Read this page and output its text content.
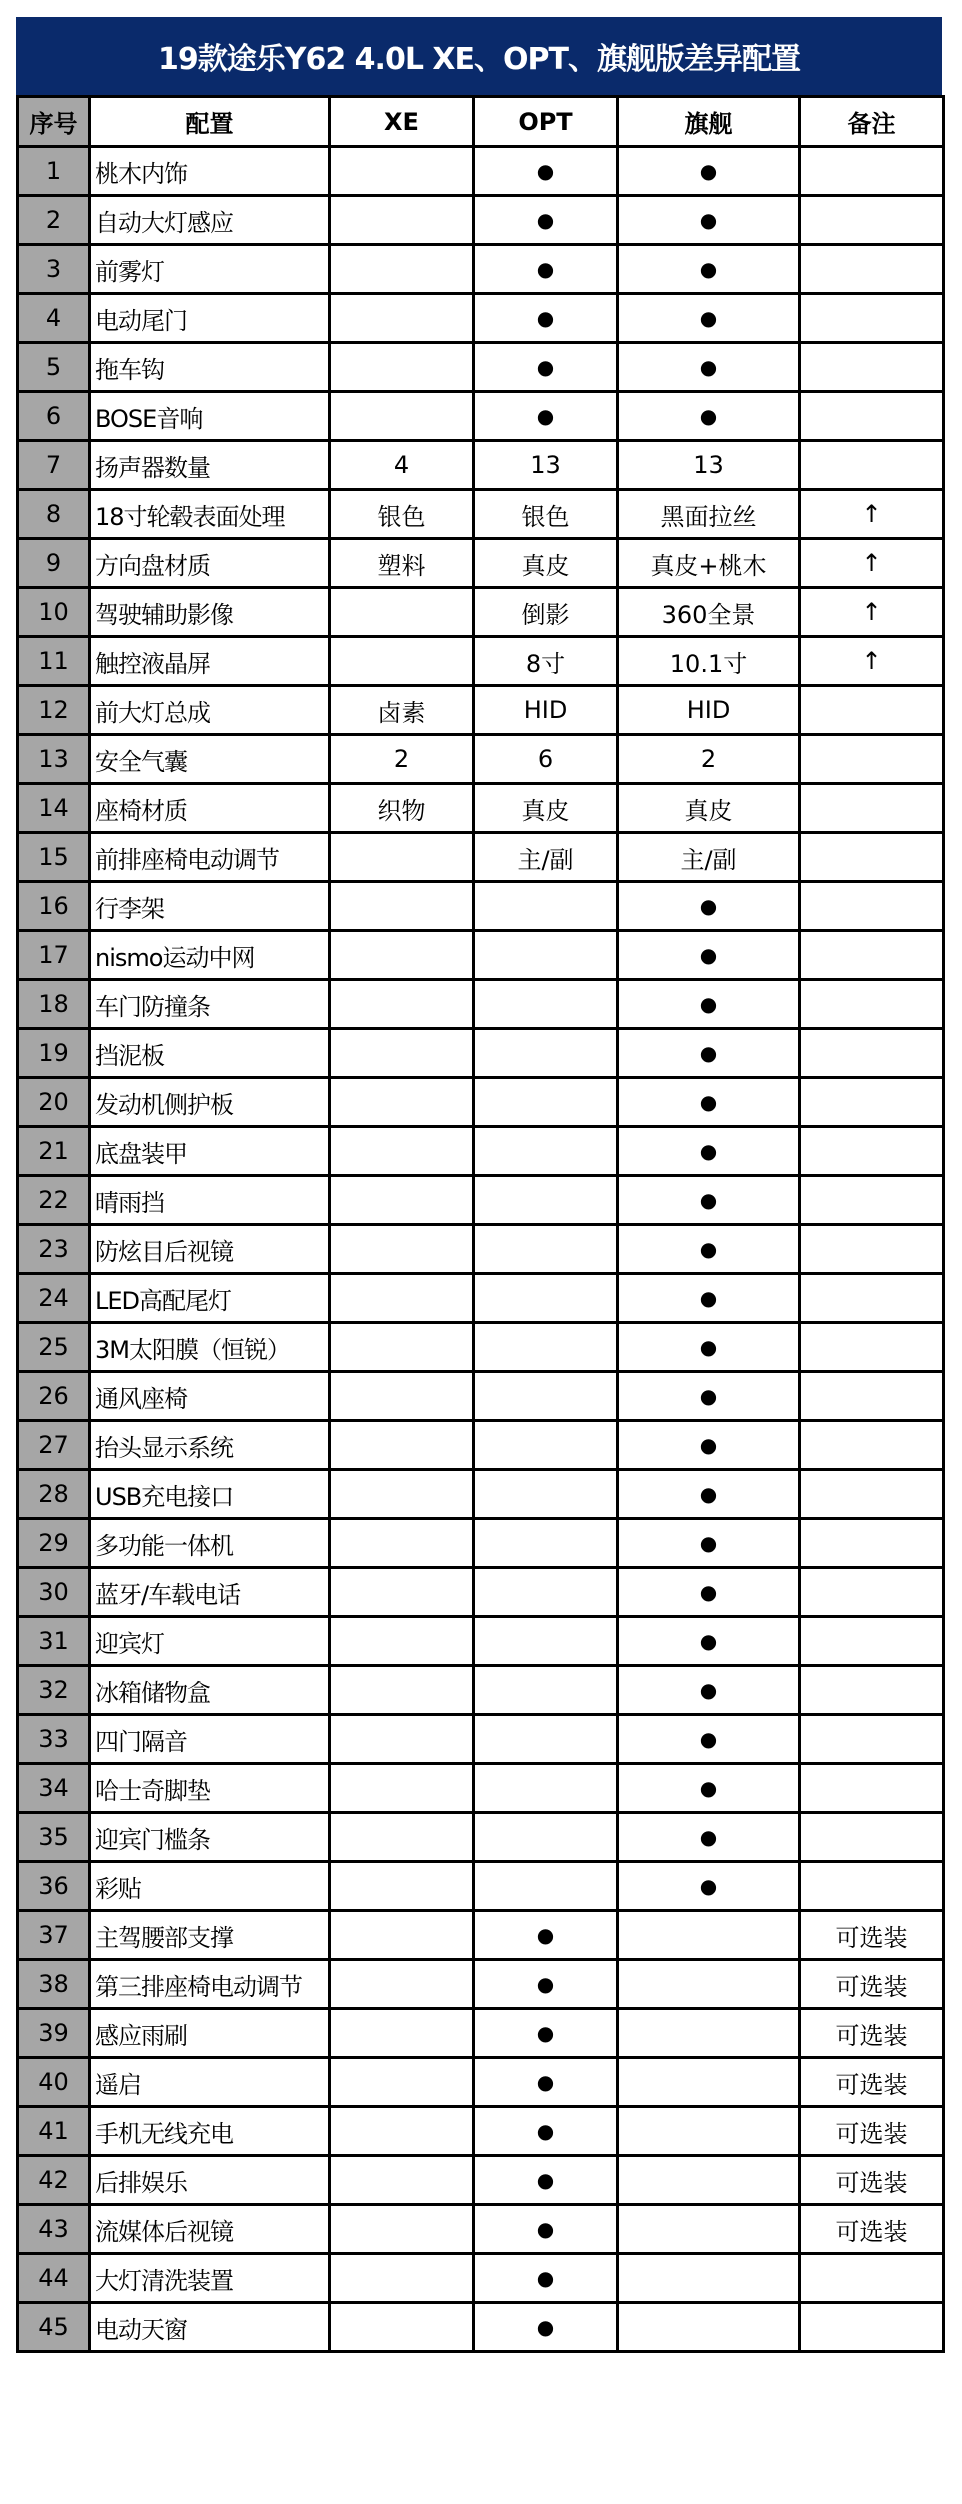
19款途乐Y62 4.0L XE、OPT、旗舰版差异配置
序号	配置	XE	OPT	旗舰	备注
1	桃木内饰		●	●	
2	自动大灯感应		●	●	
3	前雾灯		●	●	
4	电动尾门		●	●	
5	拖车钩		●	●	
6	BOSE音响		●	●	
7	扬声器数量	4	13	13	
8	18寸轮毂表面处理	银色	银色	黑面拉丝	↑
9	方向盘材质	塑料	真皮	真皮+桃木	↑
10	驾驶辅助影像		倒影	360全景	↑
11	触控液晶屏		8寸	10.1寸	↑
12	前大灯总成	卤素	HID	HID	
13	安全气囊	2	6	2	
14	座椅材质	织物	真皮	真皮	
15	前排座椅电动调节		主/副	主/副	
16	行李架			●	
17	nismo运动中网			●	
18	车门防撞条			●	
19	挡泥板			●	
20	发动机侧护板			●	
21	底盘装甲			●	
22	晴雨挡			●	
23	防炫目后视镜			●	
24	LED高配尾灯			●	
25	3M太阳膜（恒锐）			●	
26	通风座椅			●	
27	抬头显示系统			●	
28	USB充电接口			●	
29	多功能一体机			●	
30	蓝牙/车载电话			●	
31	迎宾灯			●	
32	冰箱储物盒			●	
33	四门隔音			●	
34	哈士奇脚垫			●	
35	迎宾门槛条			●	
36	彩贴			●	
37	主驾腰部支撑		●		可选装
38	第三排座椅电动调节		●		可选装
39	感应雨刷		●		可选装
40	遥启		●		可选装
41	手机无线充电		●		可选装
42	后排娱乐		●		可选装
43	流媒体后视镜		●		可选装
44	大灯清洗装置		●		
45	电动天窗		●		
